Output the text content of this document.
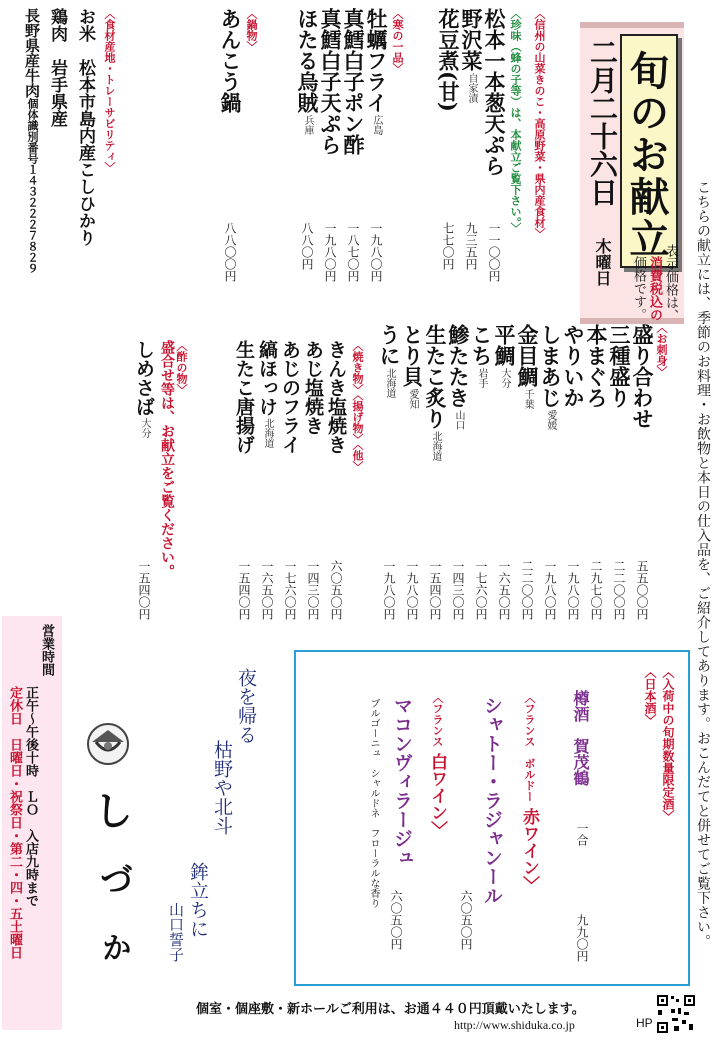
旬のお献立
二月二十六日
木曜日	こちらの献立には、季節のお料理・お飲物と本日の仕入品を、ご紹介してあります。おこんだてと併せてご覧下さい。
表示価格は、
消費税込の
価格です。
〈お刺身〉
盛り合わせ
五五〇〇円
三種盛り
二二〇〇円
本まぐろ
二九七〇円
やりいか
一九八〇円
しまあじ愛媛
一九八〇円
金目鯛千葉
二二〇〇円
平鯛大分
一六五〇円
こち岩手
一七六〇円
鯵たたき山口
一四三〇円
生たこ炙り北海道
一五四〇円
とり貝愛知
一九八〇円
うに北海道
一九八〇円
〈焼き物〉〈揚げ物〉〈他〉
きんき塩焼き
六〇五〇円
あじ塩焼き
一四三〇円
あじのフライ
一七六〇円
縞ほっけ北海道
一六五〇円
生たこ唐揚げ
一五四〇円
〈酢の物〉
盛合せ等は、お献立をご覧ください。
しめさば大分
一五四〇円
〈信州の山菜きのこ・高原野菜・県内産食材〉
〈珍味（蜂の子等）は、本献立ご覧下さい。〉
松本一本葱天ぷら
一一〇〇円
野沢菜自家漬
九三五円
花豆煮(甘)
七七〇円
〈寒の一品〉
牡蠣フライ広島
一九八〇円
真鱈白子ポン酢
一八七〇円
真鱈白子天ぷら
一九八〇円
ほたる烏賊兵庫
八八〇円
〈鍋物〉
あんこう鍋
八八〇〇円
〈食材産地・トレーサビリティ〉
お米　松本市島内産こしひかり
鶏肉　岩手県産
長野県産牛肉個体識別番号１４３２２２７８２９
〈入荷中の旬期数量限定酒〉
〈日本酒〉
樽酒　賀茂鶴
一合
九九〇円
〈フランス　ボルドー赤ワイン〉
シャトー・ラジャンール
六〇五〇円
〈フランス白ワイン〉
マコンヴィラージュ
ブルゴーニュ　シャルドネ　フローラルな香り
六〇五〇円
夜を帰る
枯野や北斗
鉾立ちに
山口誓子
し
づ
か
営業時間
正午～午後十時　ＬＯ　入店九時まで
定休日　日曜日・祝祭日・第二・四・五土曜日
個室・個座敷・新ホールご利用は、お通４４０円頂戴いたします。
http://www.shiduka.co.jp	HP
